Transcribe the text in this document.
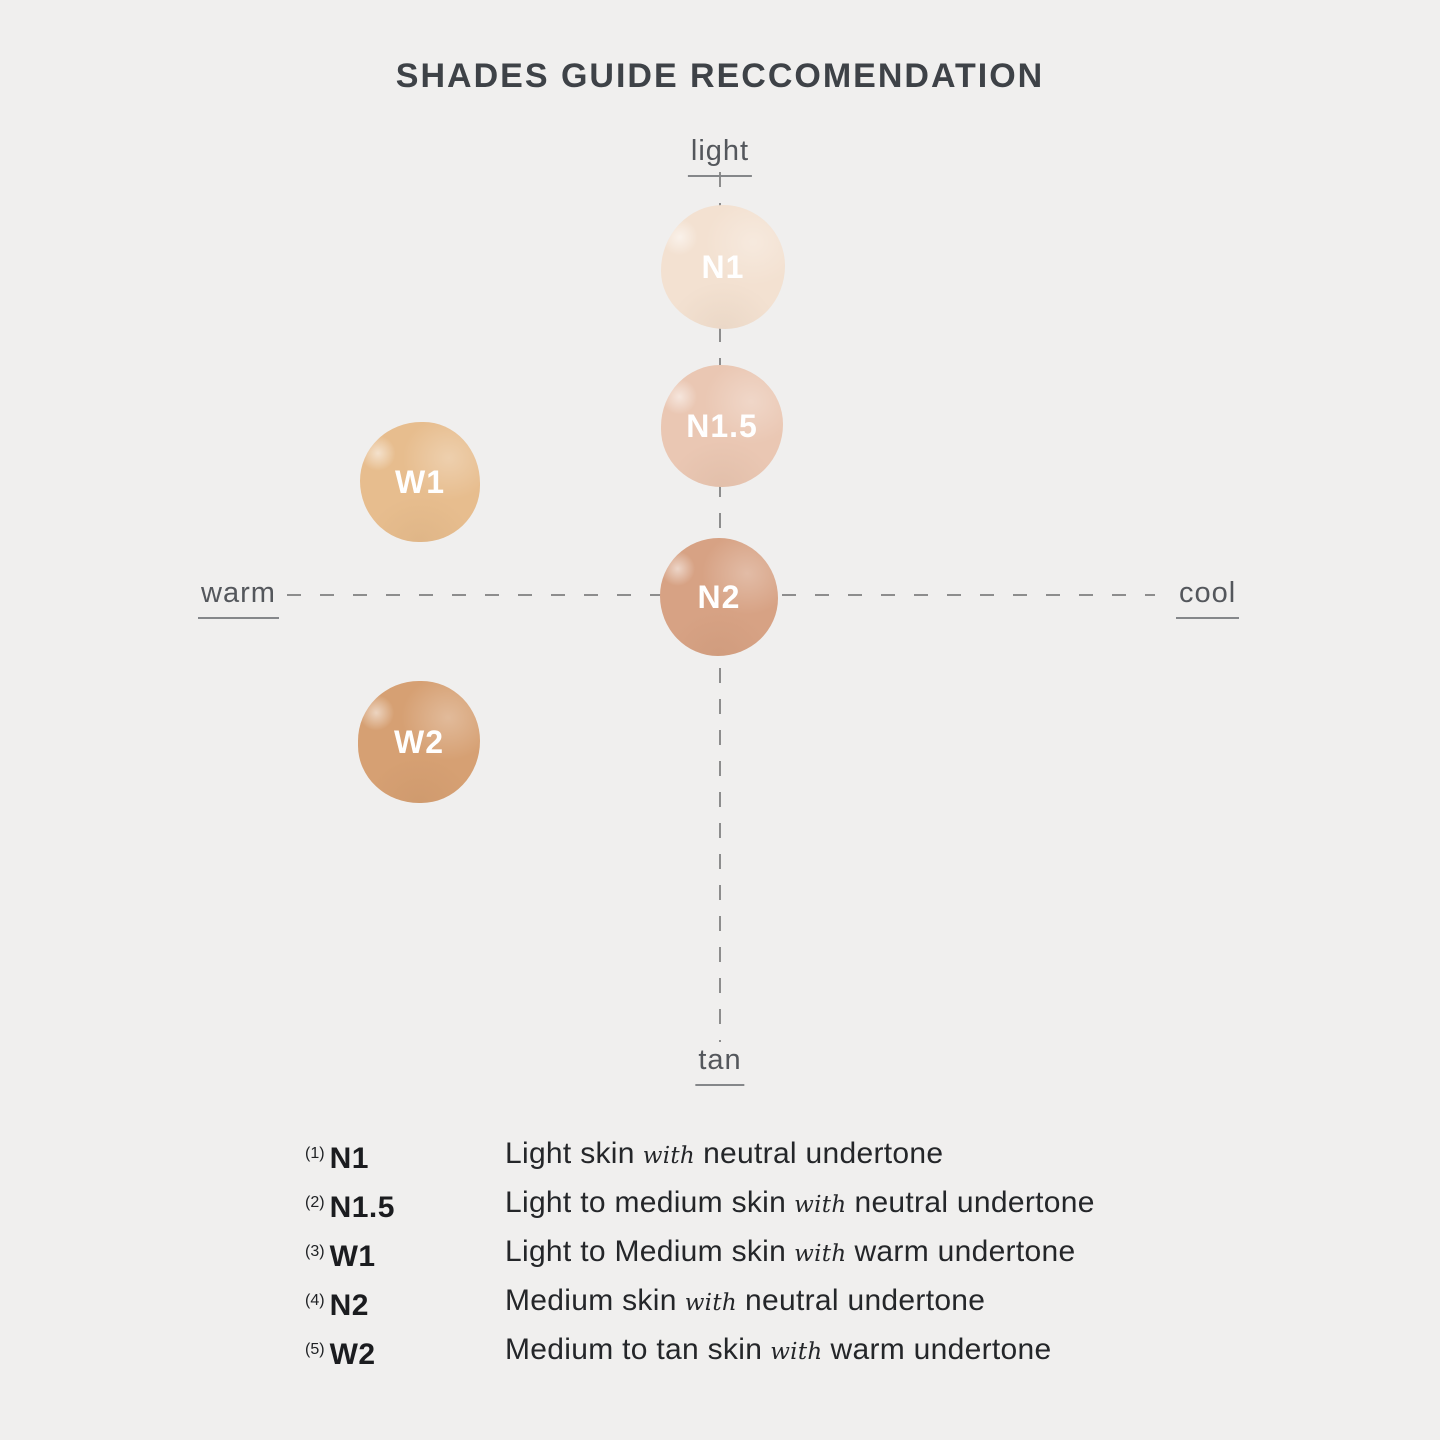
SHADES GUIDE RECCOMENDATION
light
warm	cool
tan
N1
N1.5
W1
N2
W2
(1) N1	Light skin with neutral undertone
(2) N1.5	Light to medium skin with neutral undertone
(3) W1	Light to Medium skin with warm undertone
(4) N2	Medium skin with neutral undertone
(5) W2	Medium to tan skin with warm undertone
